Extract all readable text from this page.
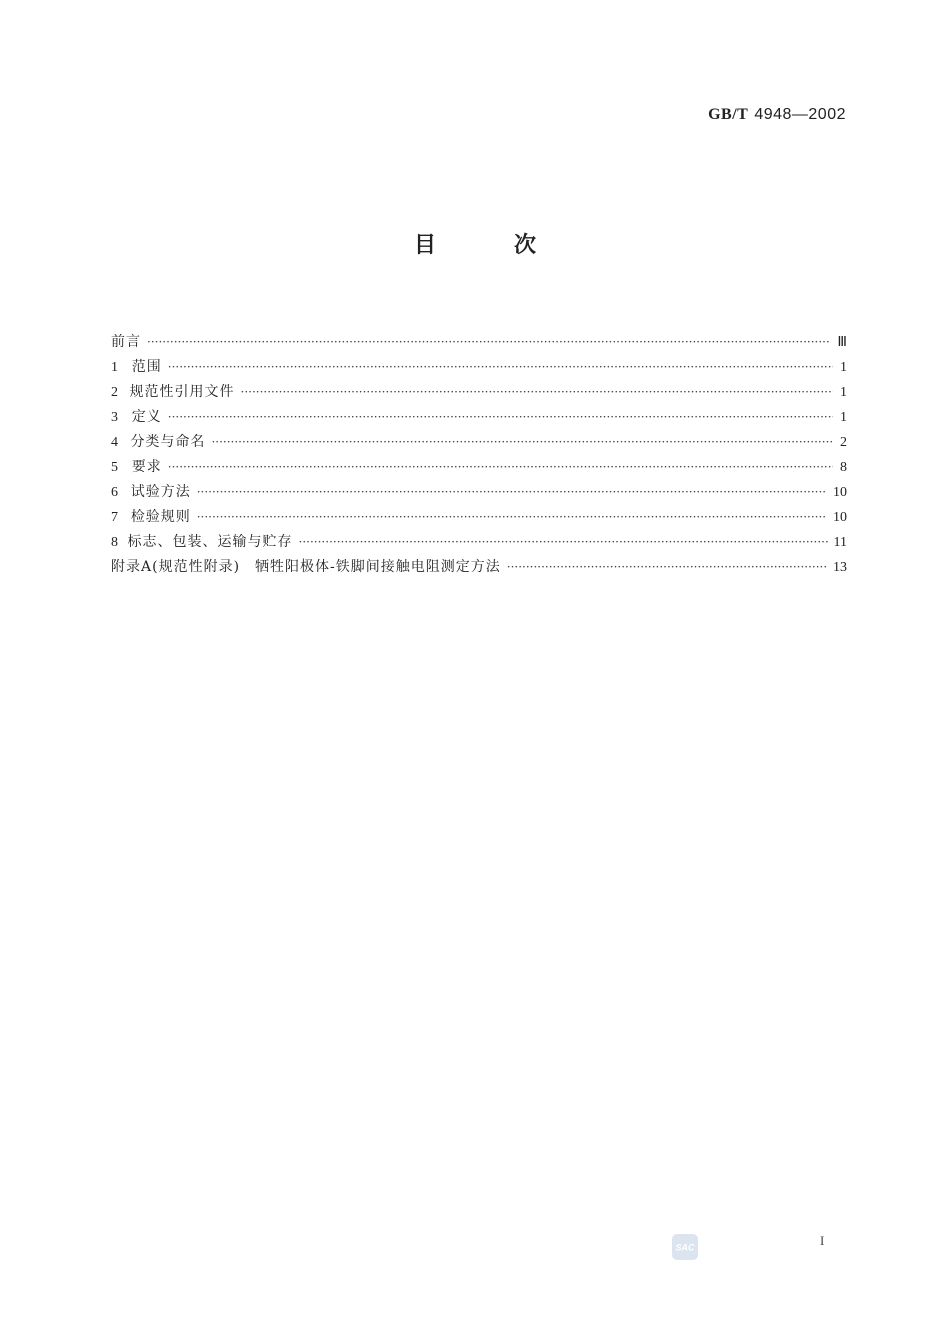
GB/T 4948—2002
目	次
前言 ·····	Ⅲ
1 范围 ·····	1
2 规范性引用文件 ·····	1
3 定义 ·····	1
4 分类与命名 ·····	2
5 要求 ·····	8
6 试验方法 ·····	10
7 检验规则 ·····	10
8 标志、包装、运输与贮存 ·····	11
附录A(规范性附录)　牺牲阳极体-铁脚间接触电阻测定方法 ·····	13
SAC	I
